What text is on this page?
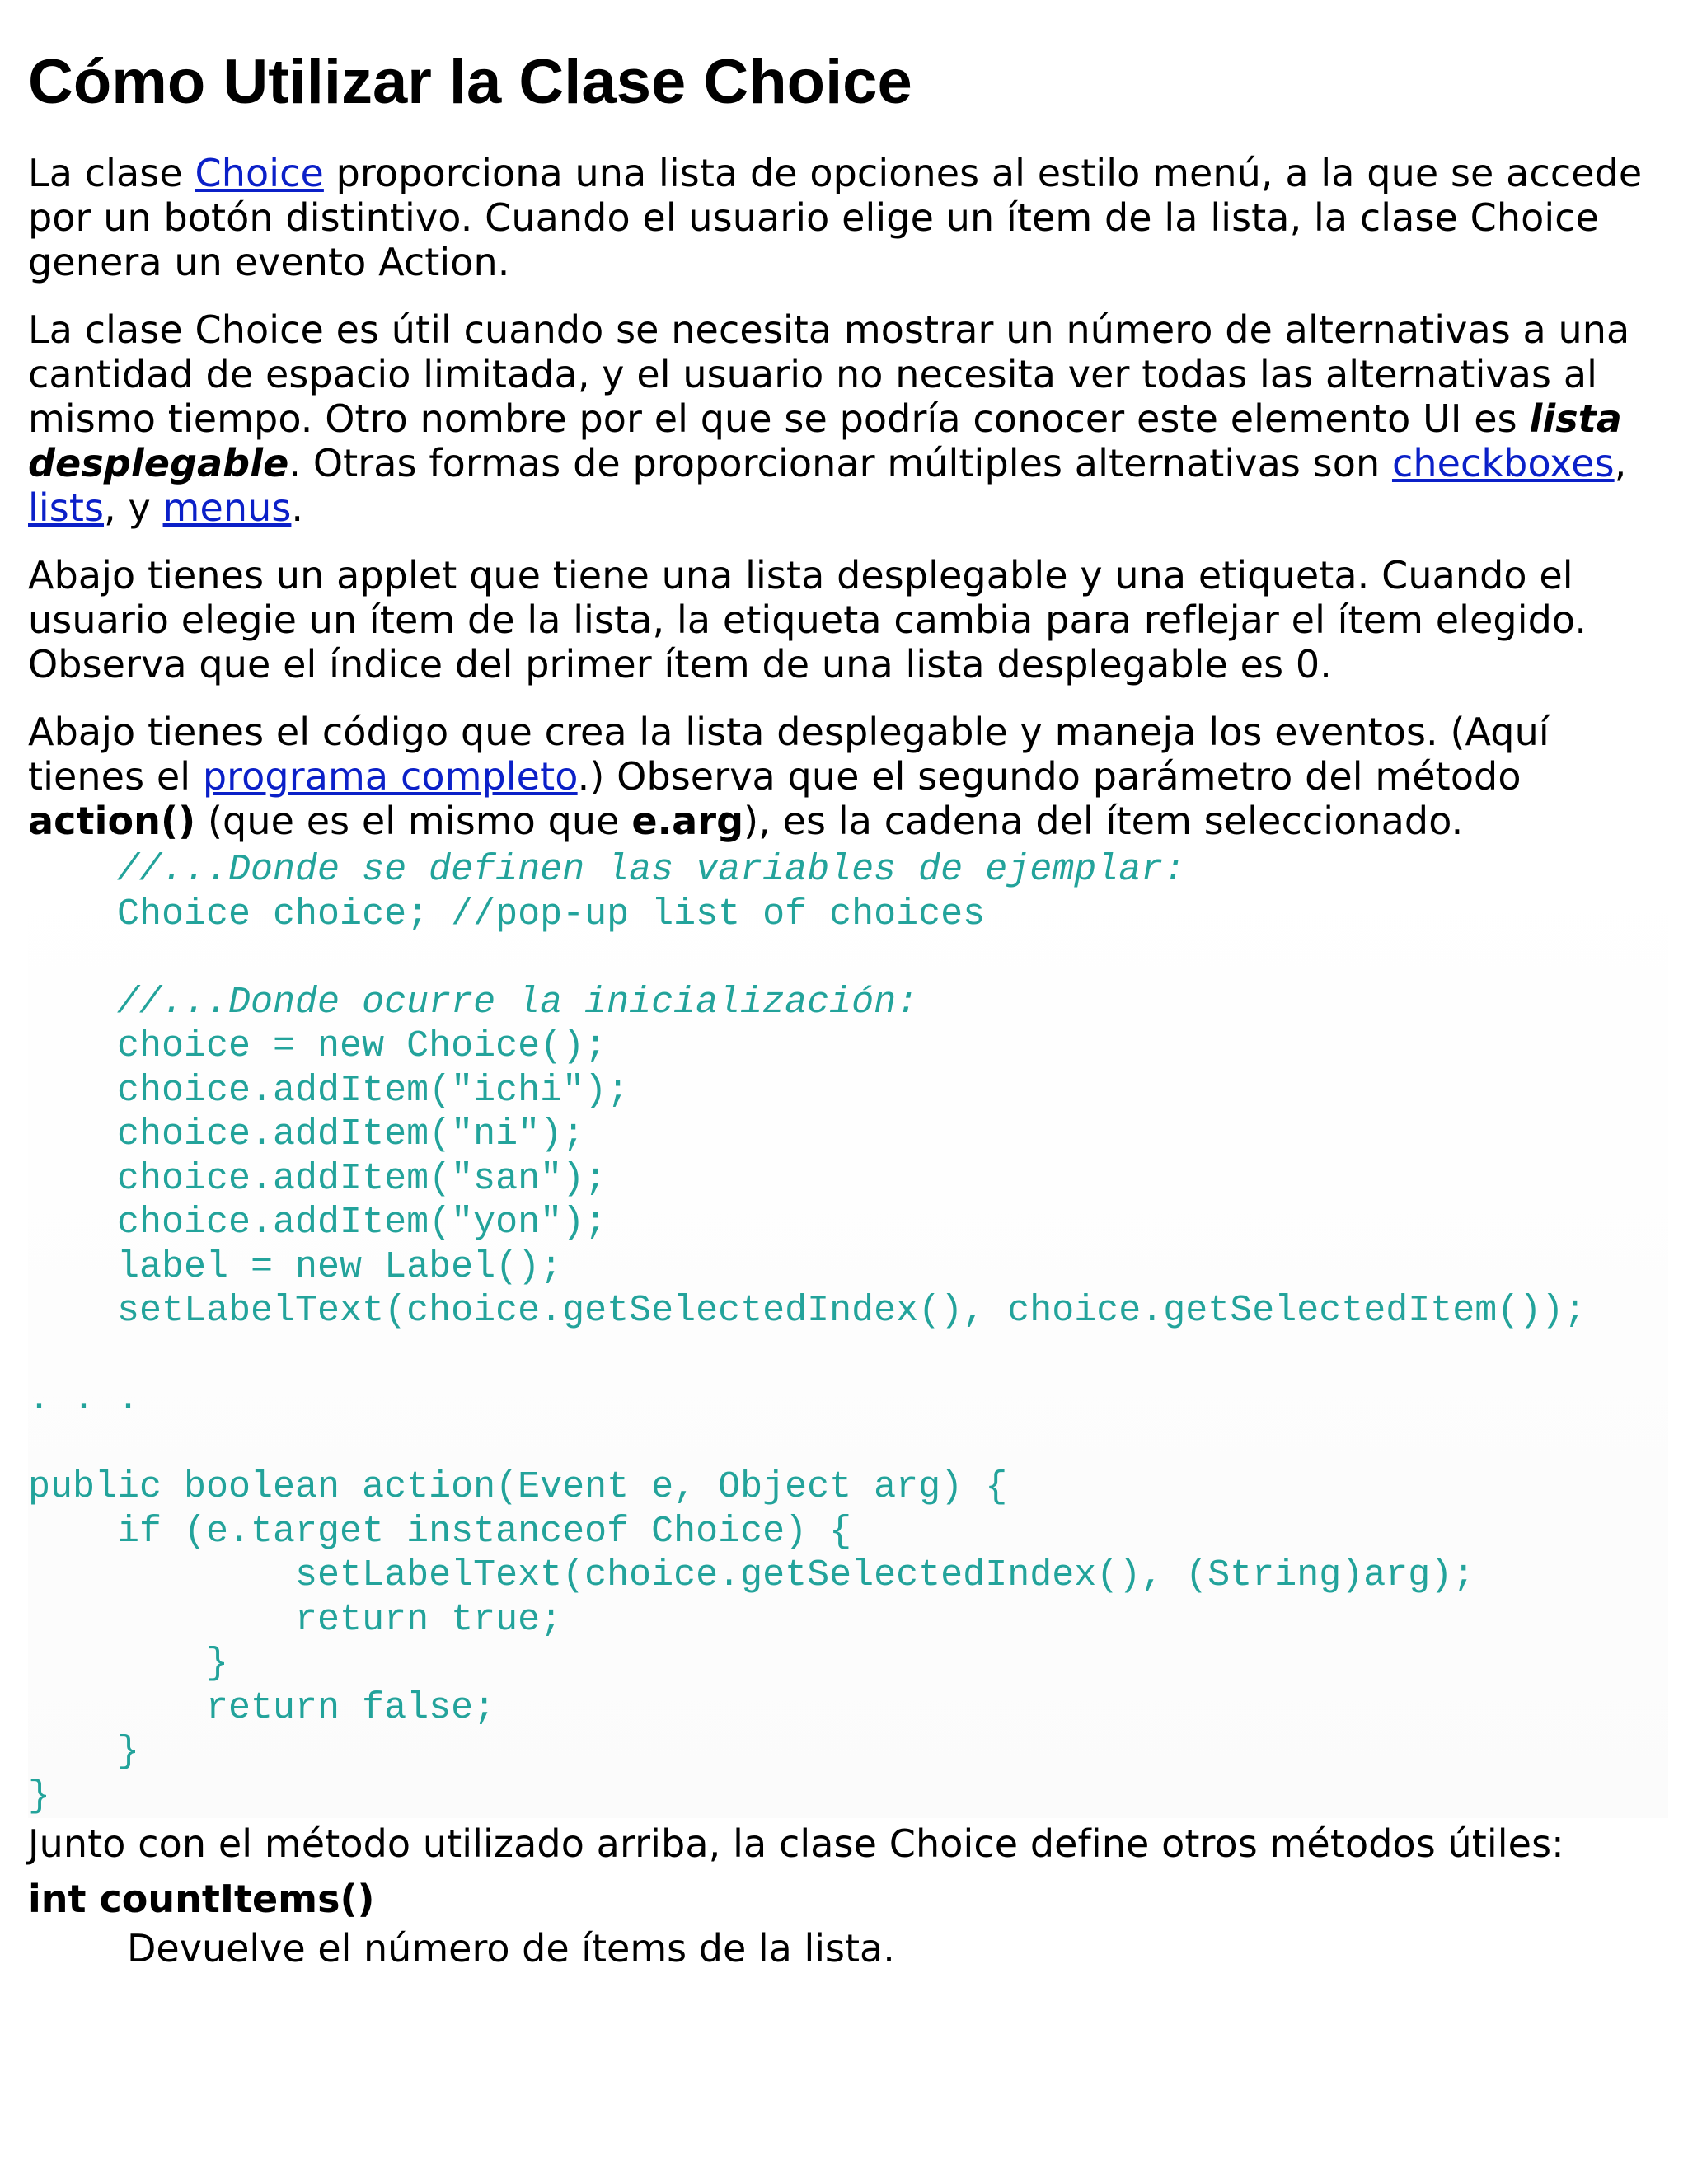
Cómo Utilizar la Clase Choice

La clase Choice proporciona una lista de opciones al estilo menú, a la que se accede por un botón distintivo. Cuando el usuario elige un ítem de la lista, la clase Choice genera un evento Action.

La clase Choice es útil cuando se necesita mostrar un número de alternativas a una cantidad de espacio limitada, y el usuario no necesita ver todas las alternativas al mismo tiempo. Otro nombre por el que se podría conocer este elemento UI es lista desplegable. Otras formas de proporcionar múltiples alternativas son checkboxes, lists, y menus.

Abajo tienes un applet que tiene una lista desplegable y una etiqueta. Cuando el usuario elegie un ítem de la lista, la etiqueta cambia para reflejar el ítem elegido. Observa que el índice del primer ítem de una lista desplegable es 0.

Abajo tienes el código que crea la lista desplegable y maneja los eventos. (Aquí tienes el programa completo.) Observa que el segundo parámetro del método action() (que es el mismo que e.arg), es la cadena del ítem seleccionado.

//...Donde se definen las variables de ejemplar:
Choice choice; //pop-up list of choices

//...Donde ocurre la inicialización:
choice = new Choice();
choice.addItem("ichi");
choice.addItem("ni");
choice.addItem("san");
choice.addItem("yon");
label = new Label();
setLabelText(choice.getSelectedIndex(), choice.getSelectedItem());

. . .

public boolean action(Event e, Object arg) {
if (e.target instanceof Choice) {
setLabelText(choice.getSelectedIndex(), (String)arg);
return true;
}
return false;
}
}

Junto con el método utilizado arriba, la clase Choice define otros métodos útiles:

int countItems()
Devuelve el número de ítems de la lista.
